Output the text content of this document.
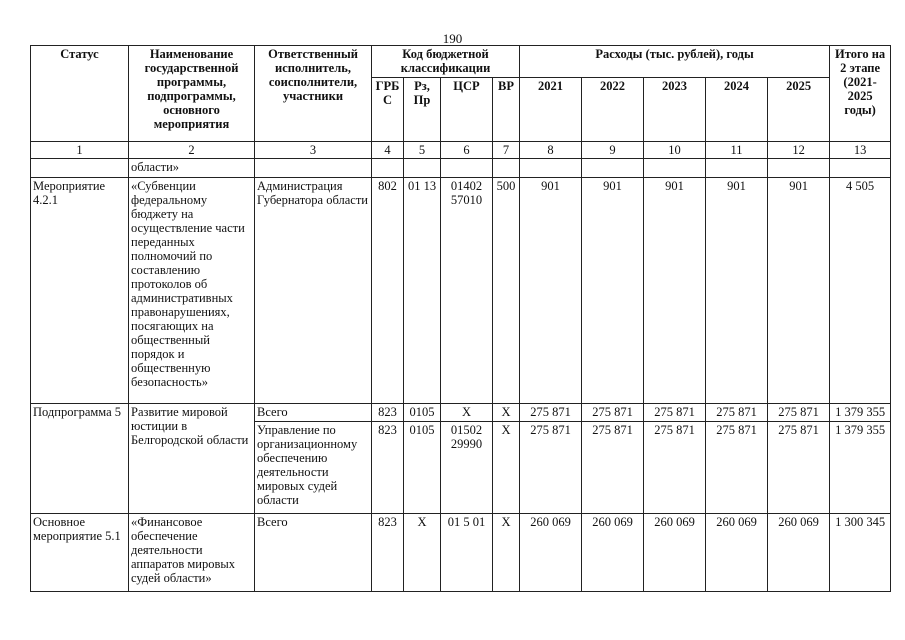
190
Статус	Наименование государственной программы, подпрограммы, основного мероприятия	Ответственный исполнитель, соисполнители, участники	Код бюджетной классификации				Расходы (тыс. рублей), годы					Итого на 2 этапе (2021-2025 годы)
			ГРБ С	Рз, Пр	ЦСР	ВР	2021	2022	2023	2024	2025	
1	2	3	4	5	6	7	8	9	10	11	12	13
	области»											
Мероприятие 4.2.1	«Субвенции федеральному бюджету на осуществление части переданных полномочий по составлению протоколов об административных правонарушениях, посягающих на общественный порядок и общественную безопасность»	Администрация Губернатора области	802	01 13	01402 57010	500	901	901	901	901	901	4 505
Подпрограмма 5	Развитие мировой юстиции в Белгородской области	Всего	823	0105	X	X	275 871	275 871	275 871	275 871	275 871	1 379 355
		Управление по организационному обеспечению деятельности мировых судей области	823	0105	01502 29990	X	275 871	275 871	275 871	275 871	275 871	1 379 355
Основное мероприятие 5.1	«Финансовое обеспечение деятельности аппаратов мировых судей области»	Всего	823	X	01 5 01	X	260 069	260 069	260 069	260 069	260 069	1 300 345
